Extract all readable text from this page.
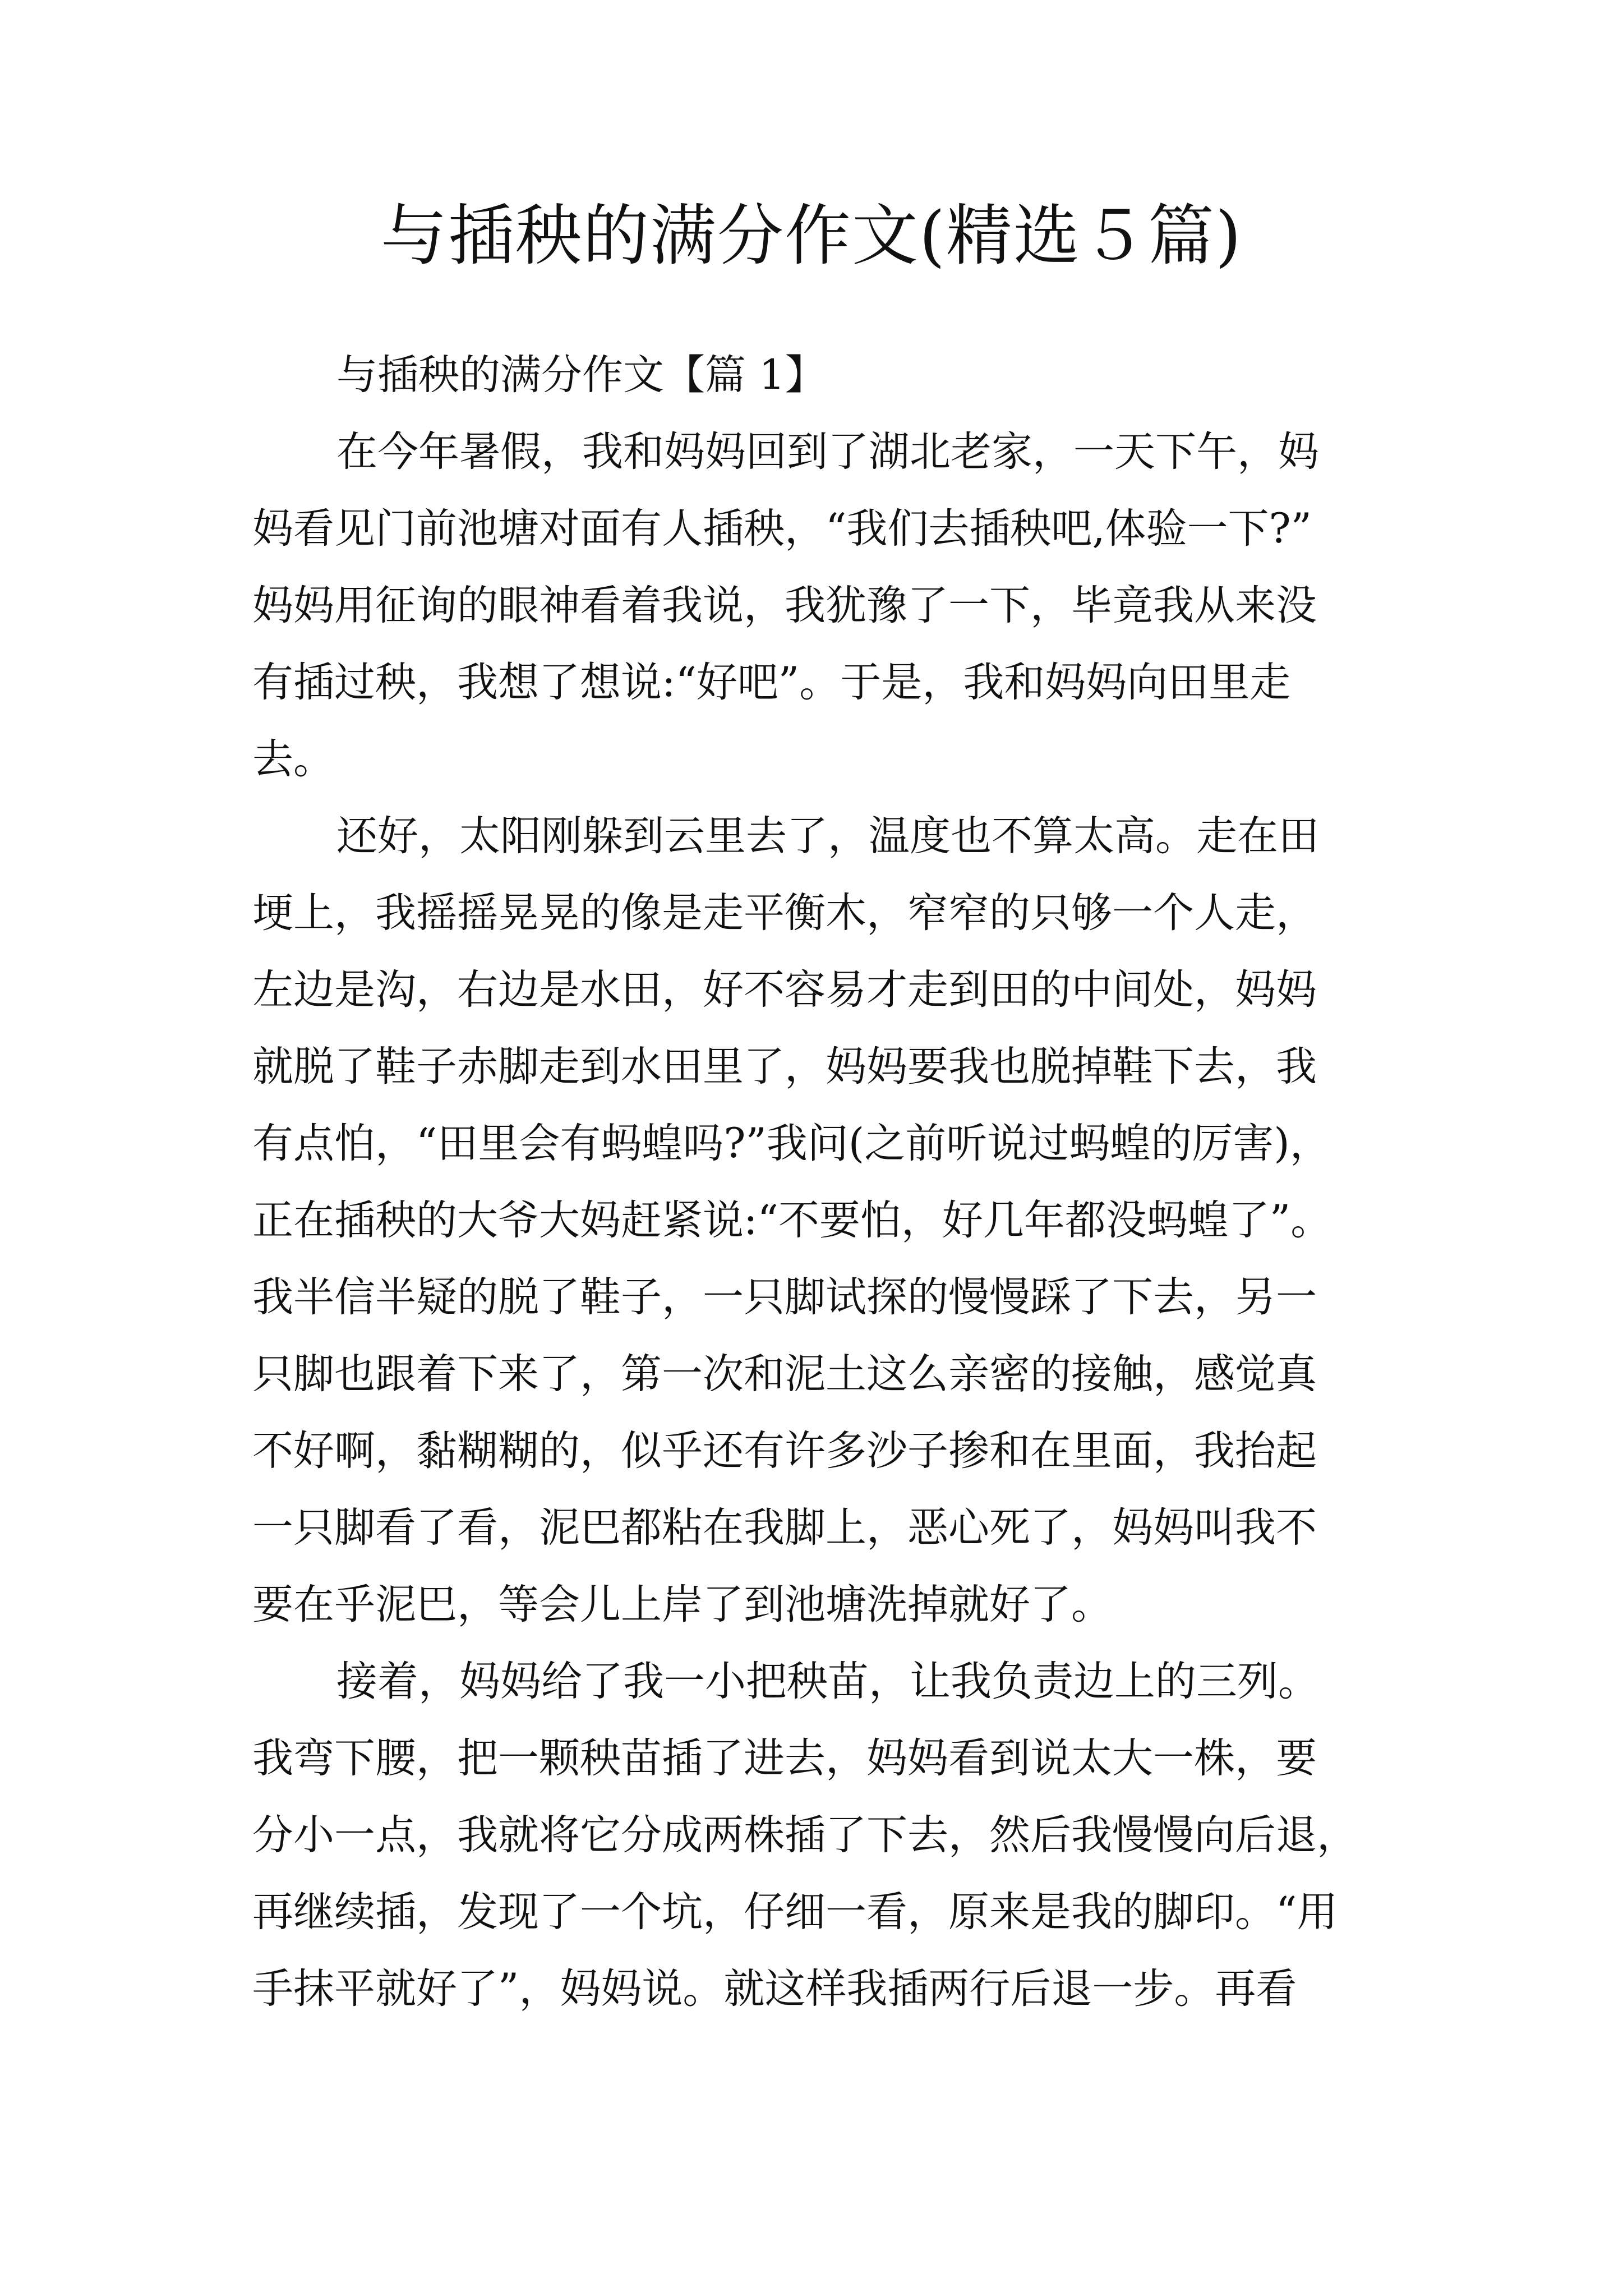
与插秧的满分作文(精选５篇)
与插秧的满分作文【篇 1】
在今年暑假，我和妈妈回到了湖北老家，一天下午，妈
妈看见门前池塘对面有人插秧，“我们去插秧吧,体验一下?”
妈妈用征询的眼神看着我说，我犹豫了一下，毕竟我从来没
有插过秧，我想了想说:“好吧”。于是，我和妈妈向田里走
去。
还好，太阳刚躲到云里去了，温度也不算太高。走在田
埂上，我摇摇晃晃的像是走平衡木，窄窄的只够一个人走，
左边是沟，右边是水田，好不容易才走到田的中间处，妈妈
就脱了鞋子赤脚走到水田里了，妈妈要我也脱掉鞋下去，我
有点怕，“田里会有蚂蝗吗?”我问(之前听说过蚂蝗的厉害)，
正在插秧的大爷大妈赶紧说:“不要怕，好几年都没蚂蝗了”。
我半信半疑的脱了鞋子，一只脚试探的慢慢踩了下去，另一
只脚也跟着下来了，第一次和泥土这么亲密的接触，感觉真
不好啊，黏糊糊的，似乎还有许多沙子掺和在里面，我抬起
一只脚看了看，泥巴都粘在我脚上，恶心死了，妈妈叫我不
要在乎泥巴，等会儿上岸了到池塘洗掉就好了。
接着，妈妈给了我一小把秧苗，让我负责边上的三列。
我弯下腰，把一颗秧苗插了进去，妈妈看到说太大一株，要
分小一点，我就将它分成两株插了下去，然后我慢慢向后退，
再继续插，发现了一个坑，仔细一看，原来是我的脚印。“用
手抹平就好了”，妈妈说。就这样我插两行后退一步。再看
